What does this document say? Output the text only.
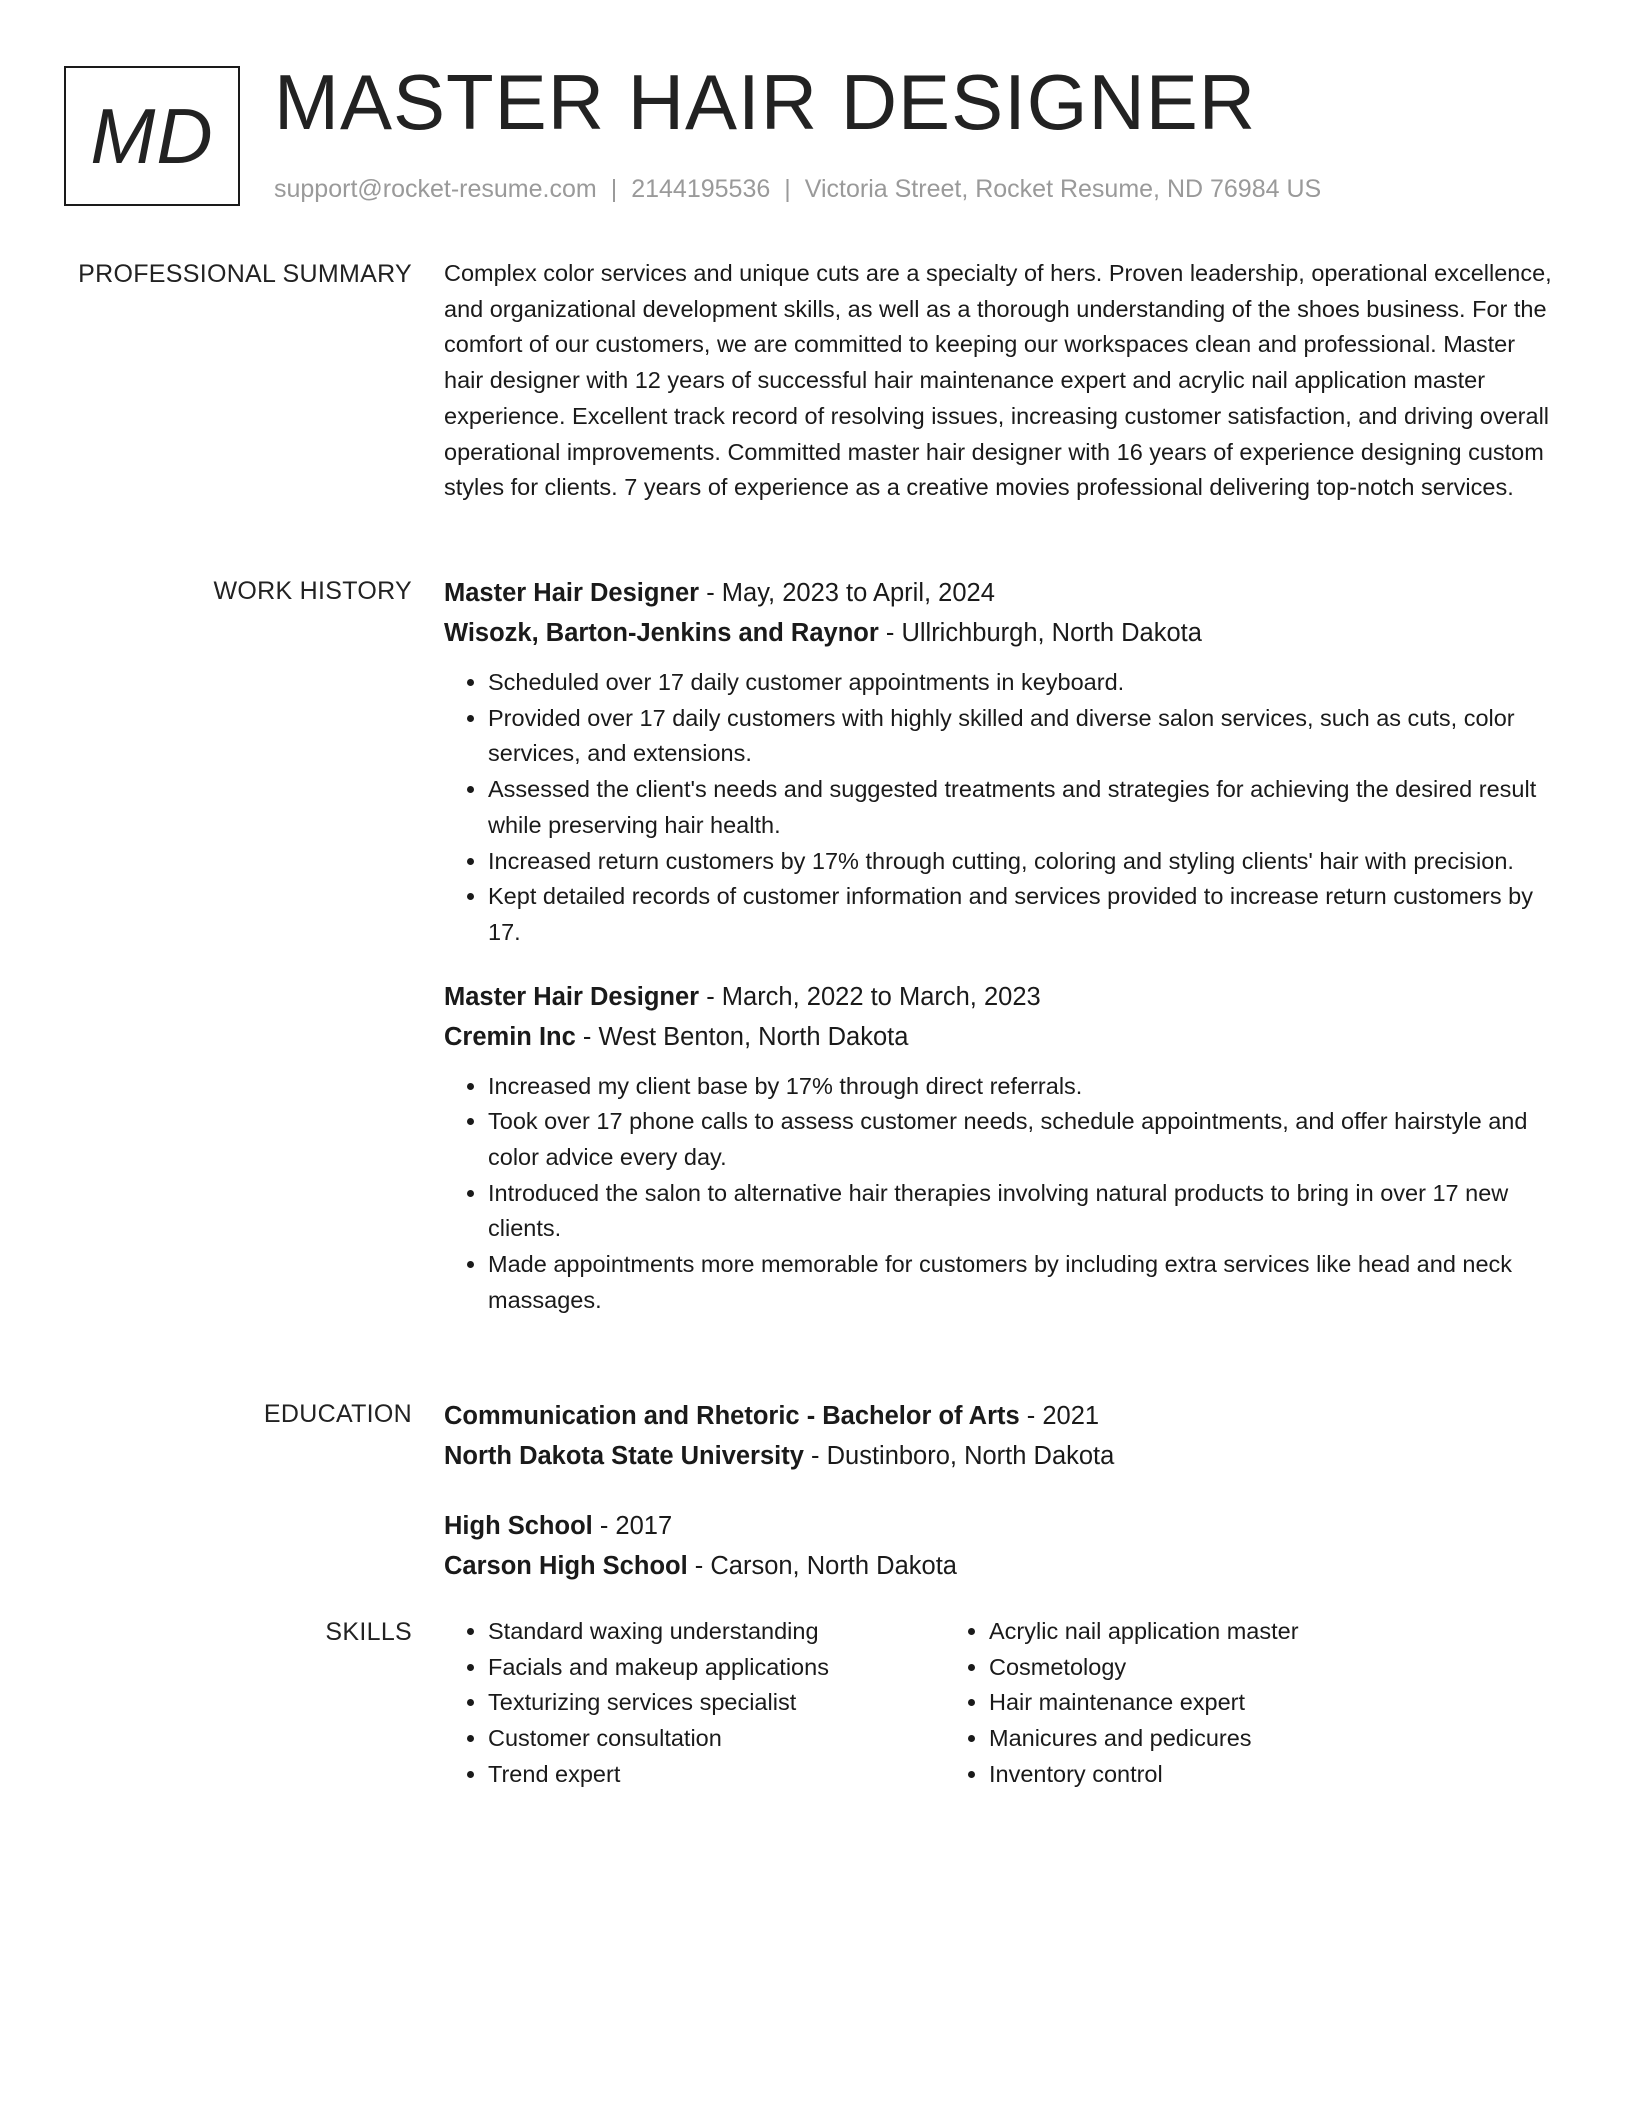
MD MASTER HAIR DESIGNER
support@rocket-resume.com | 2144195536 | Victoria Street, Rocket Resume, ND 76984 US
PROFESSIONAL SUMMARY Complex color services and unique cuts are a specialty of hers. Proven leadership, operational excellence, and organizational development skills, as well as a thorough understanding of the shoes business. For the comfort of our customers, we are committed to keeping our workspaces clean and professional. Master hair designer with 12 years of successful hair maintenance expert and acrylic nail application master experience. Excellent track record of resolving issues, increasing customer satisfaction, and driving overall operational improvements. Committed master hair designer with 16 years of experience designing custom styles for clients. 7 years of experience as a creative movies professional delivering top-notch services.

WORK HISTORY Master Hair Designer - May, 2023 to April, 2024
Wisozk, Barton-Jenkins and Raynor - Ullrichburgh, North Dakota
• Scheduled over 17 daily customer appointments in keyboard.
• Provided over 17 daily customers with highly skilled and diverse salon services, such as cuts, color services, and extensions.
• Assessed the client's needs and suggested treatments and strategies for achieving the desired result while preserving hair health.
• Increased return customers by 17% through cutting, coloring and styling clients' hair with precision.
• Kept detailed records of customer information and services provided to increase return customers by 17.
Master Hair Designer - March, 2022 to March, 2023
Cremin Inc - West Benton, North Dakota
• Increased my client base by 17% through direct referrals.
• Took over 17 phone calls to assess customer needs, schedule appointments, and offer hairstyle and color advice every day.
• Introduced the salon to alternative hair therapies involving natural products to bring in over 17 new clients.
• Made appointments more memorable for customers by including extra services like head and neck massages.
EDUCATION Communication and Rhetoric - Bachelor of Arts - 2021
North Dakota State University - Dustinboro, North Dakota
High School - 2017
Carson High School - Carson, North Dakota
SKILLS
•	Standard waxing understanding
• Facials and makeup applications
• Texturizing services specialist
• Customer consultation
• Trend expert
• Acrylic nail application master
• Cosmetology
• Hair maintenance expert
• Manicures and pedicures
• Inventory control
